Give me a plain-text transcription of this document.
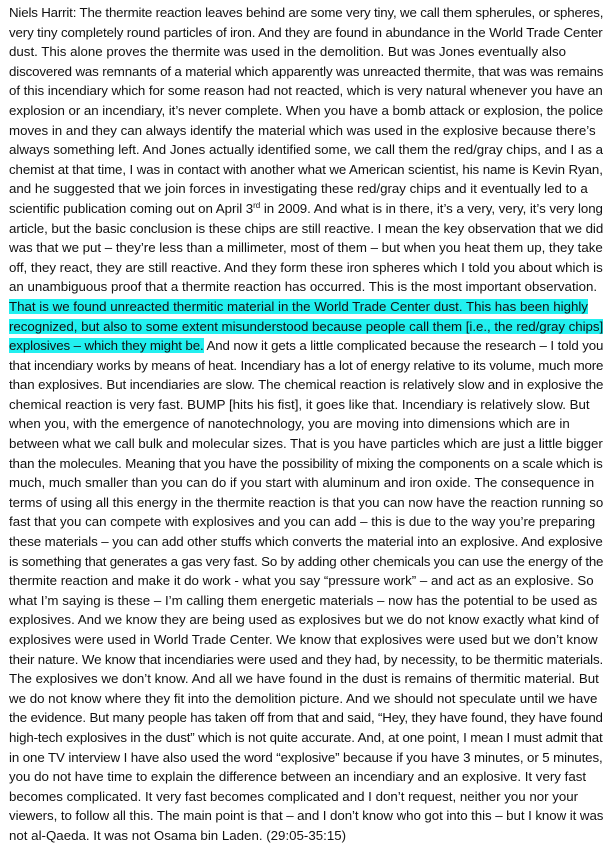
Niels Harrit: The thermite reaction leaves behind are some very tiny, we call them spherules, or spheres,
very tiny completely round particles of iron. And they are found in abundance in the World Trade Center
dust. This alone proves the thermite was used in the demolition. But was Jones eventually also
discovered was remnants of a material which apparently was unreacted thermite, that was was remains
of this incendiary which for some reason had not reacted, which is very natural whenever you have an
explosion or an incendiary, it’s never complete. When you have a bomb attack or explosion, the police
moves in and they can always identify the material which was used in the explosive because there’s
always something left. And Jones actually identified some, we call them the red/gray chips, and I as a
chemist at that time, I was in contact with another what we American scientist, his name is Kevin Ryan,
and he suggested that we join forces in investigating these red/gray chips and it eventually led to a
scientific publication coming out on April 3rd in 2009. And what is in there, it’s a very, very, it’s very long
article, but the basic conclusion is these chips are still reactive. I mean the key observation that we did
was that we put – they’re less than a millimeter, most of them – but when you heat them up, they take
off, they react, they are still reactive. And they form these iron spheres which I told you about which is
an unambiguous proof that a thermite reaction has occurred. This is the most important observation.
That is we found unreacted thermitic material in the World Trade Center dust. This has been highly
recognized, but also to some extent misunderstood because people call them [i.e., the red/gray chips]
explosives – which they might be. And now it gets a little complicated because the research – I told you
that incendiary works by means of heat. Incendiary has a lot of energy relative to its volume, much more
than explosives. But incendiaries are slow. The chemical reaction is relatively slow and in explosive the
chemical reaction is very fast. BUMP [hits his fist], it goes like that. Incendiary is relatively slow. But
when you, with the emergence of nanotechnology, you are moving into dimensions which are in
between what we call bulk and molecular sizes. That is you have particles which are just a little bigger
than the molecules. Meaning that you have the possibility of mixing the components on a scale which is
much, much smaller than you can do if you start with aluminum and iron oxide. The consequence in
terms of using all this energy in the thermite reaction is that you can now have the reaction running so
fast that you can compete with explosives and you can add – this is due to the way you’re preparing
these materials – you can add other stuffs which converts the material into an explosive. And explosive
is something that generates a gas very fast. So by adding other chemicals you can use the energy of the
thermite reaction and make it do work - what you say “pressure work” – and act as an explosive. So
what I’m saying is these – I’m calling them energetic materials – now has the potential to be used as
explosives. And we know they are being used as explosives but we do not know exactly what kind of
explosives were used in World Trade Center. We know that explosives were used but we don’t know
their nature. We know that incendiaries were used and they had, by necessity, to be thermitic materials.
The explosives we don’t know. And all we have found in the dust is remains of thermitic material. But
we do not know where they fit into the demolition picture. And we should not speculate until we have
the evidence. But many people has taken off from that and said, “Hey, they have found, they have found
high-tech explosives in the dust” which is not quite accurate. And, at one point, I mean I must admit that
in one TV interview I have also used the word “explosive” because if you have 3 minutes, or 5 minutes,
you do not have time to explain the difference between an incendiary and an explosive. It very fast
becomes complicated. It very fast becomes complicated and I don’t request, neither you nor your
viewers, to follow all this. The main point is that – and I don’t know who got into this – but I know it was
not al-Qaeda. It was not Osama bin Laden. (29:05-35:15)
